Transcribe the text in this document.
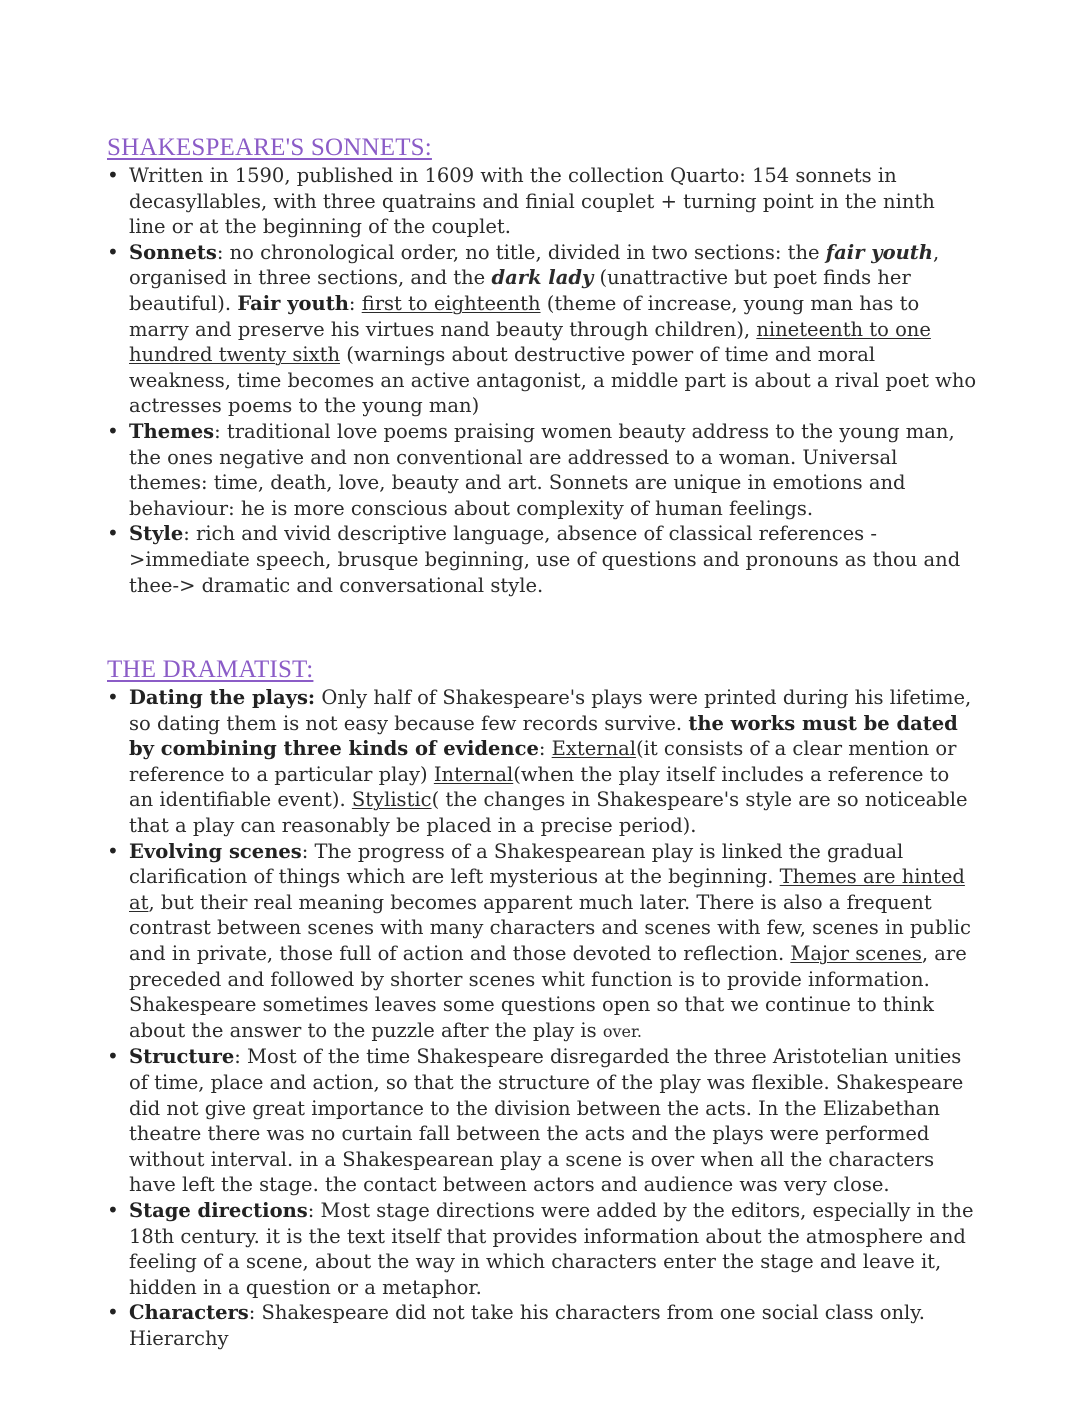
SHAKESPEARE'S SONNETS:
• Written in 1590, published in 1609 with the collection Quarto: 154 sonnets in decasyllables, with three quatrains and finial couplet + turning point in the ninth line or at the beginning of the couplet.
• Sonnets: no chronological order, no title, divided in two sections: the fair youth, organised in three sections, and the dark lady (unattractive but poet finds her beautiful). Fair youth: first to eighteenth (theme of increase, young man has to marry and preserve his virtues nand beauty through children), nineteenth to one hundred twenty sixth (warnings about destructive power of time and moral weakness, time becomes an active antagonist, a middle part is about a rival poet who actresses poems to the young man)
• Themes: traditional love poems praising women beauty address to the young man, the ones negative and non conventional are addressed to a woman. Universal themes: time, death, love, beauty and art. Sonnets are unique in emotions and behaviour: he is more conscious about complexity of human feelings.
• Style: rich and vivid descriptive language, absence of classical references ->immediate speech, brusque beginning, use of questions and pronouns as thou and thee-> dramatic and conversational style.
THE DRAMATIST:
• Dating the plays: Only half of Shakespeare's plays were printed during his lifetime, so dating them is not easy because few records survive. the works must be dated by combining three kinds of evidence: External(it consists of a clear mention or reference to a particular play) Internal(when the play itself includes a reference to an identifiable event). Stylistic( the changes in Shakespeare's style are so noticeable that a play can reasonably be placed in a precise period).
• Evolving scenes: The progress of a Shakespearean play is linked the gradual clarification of things which are left mysterious at the beginning. Themes are hinted at, but their real meaning becomes apparent much later. There is also a frequent contrast between scenes with many characters and scenes with few, scenes in public and in private, those full of action and those devoted to reflection. Major scenes, are preceded and followed by shorter scenes whit function is to provide information. Shakespeare sometimes leaves some questions open so that we continue to think about the answer to the puzzle after the play is over.
• Structure: Most of the time Shakespeare disregarded the three Aristotelian unities of time, place and action, so that the structure of the play was flexible. Shakespeare did not give great importance to the division between the acts. In the Elizabethan theatre there was no curtain fall between the acts and the plays were performed without interval. in a Shakespearean play a scene is over when all the characters have left the stage. the contact between actors and audience was very close.
• Stage directions: Most stage directions were added by the editors, especially in the 18th century. it is the text itself that provides information about the atmosphere and feeling of a scene, about the way in which characters enter the stage and leave it, hidden in a question or a metaphor.
• Characters: Shakespeare did not take his characters from one social class only. Hierarchy
